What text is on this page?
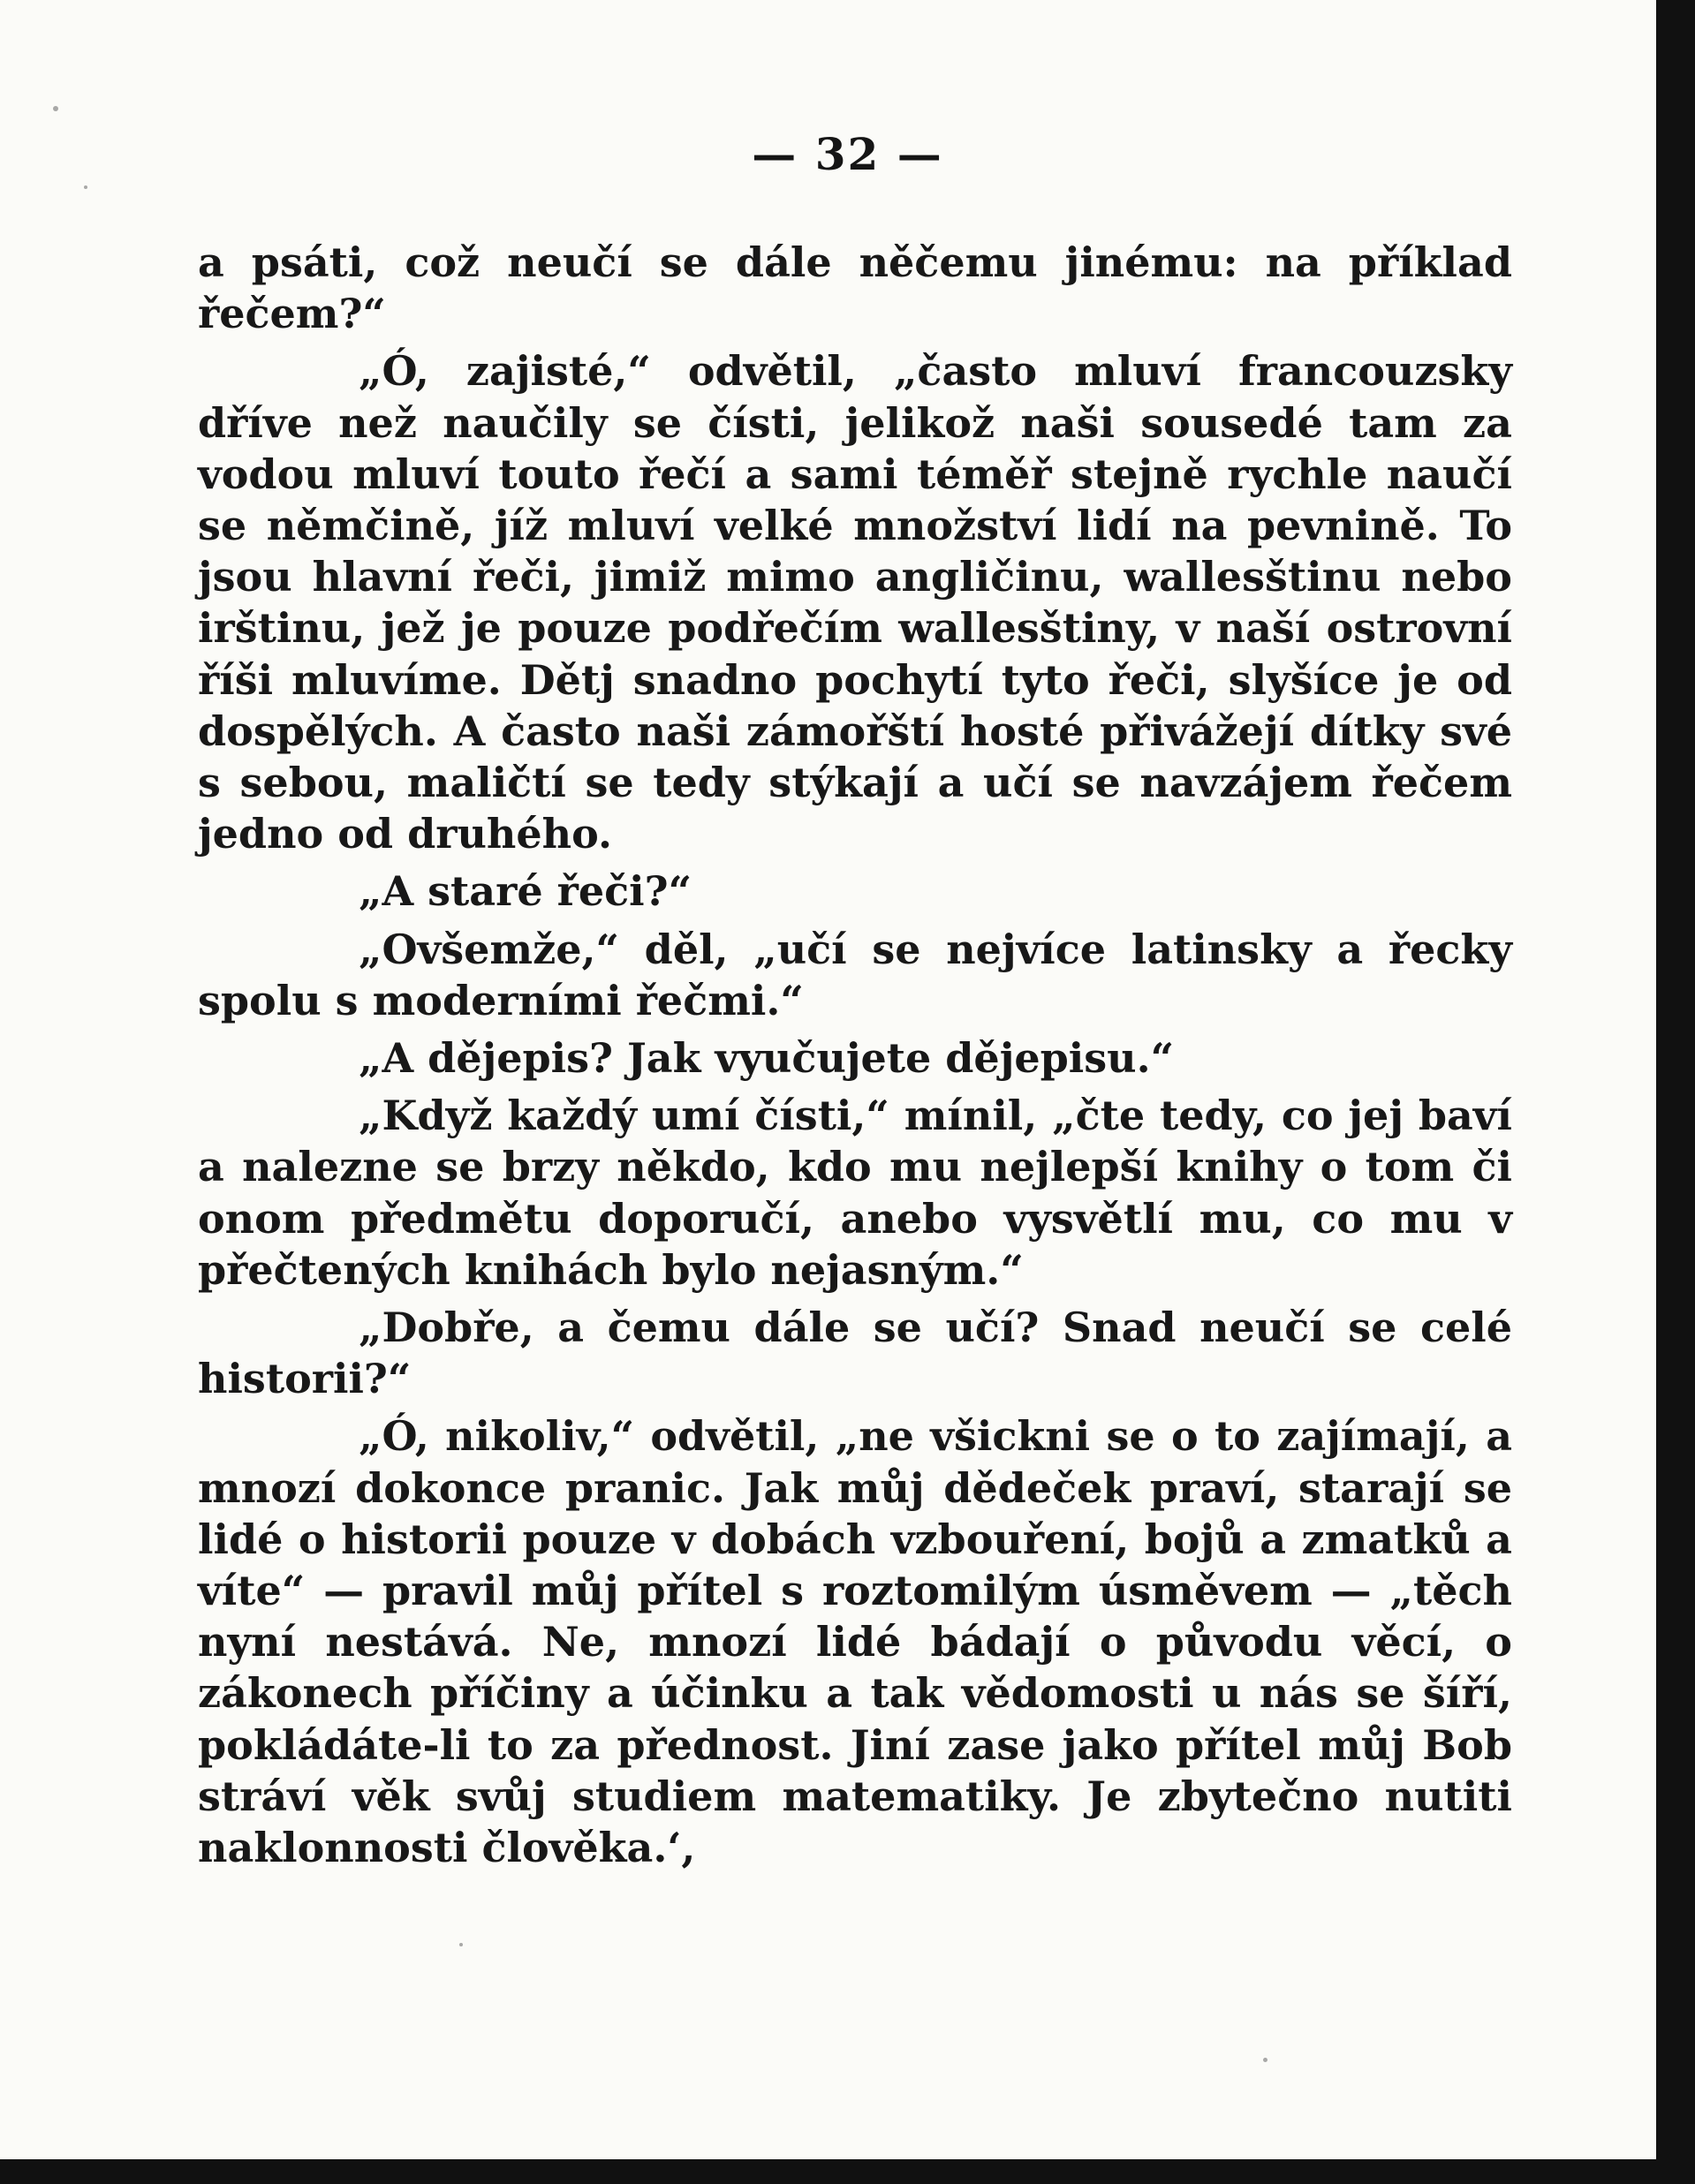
— 32 —

a psáti, což neučí se dále něčemu jinému: na příklad řečem?“

„Ó, zajisté,“ odvětil, „často mluví francouzsky dříve než naučily se čísti, jelikož naši sousedé tam za vodou mluví touto řečí a sami téměř stejně rychle naučí se němčině, jíž mluví velké množství lidí na pevnině. To jsou hlavní řeči, jimiž mimo angličinu, wallesštinu nebo irštinu, jež je pouze podřečím wallesštiny, v naší ostrovní říši mluvíme. Dětj snadno pochytí tyto řeči, slyšíce je od dospělých. A často naši zámořští hosté přivážejí dítky své s sebou, maličtí se tedy stýkají a učí se navzájem řečem jedno od druhého.

„A staré řeči?“

„Ovšemže,“ děl, „učí se nejvíce latinsky a řecky spolu s moderními řečmi.“

„A dějepis? Jak vyučujete dějepisu.“

„Když každý umí čísti,“ mínil, „čte tedy, co jej baví a nalezne se brzy někdo, kdo mu nejlepší knihy o tom či onom předmětu doporučí, anebo vysvětlí mu, co mu v přečtených knihách bylo nejasným.“

„Dobře, a čemu dále se učí? Snad neučí se celé historii?“

„Ó, nikoliv,“ odvětil, „ne všickni se o to zajímají, a mnozí dokonce pranic. Jak můj dědeček praví, starají se lidé o historii pouze v dobách vzbouření, bojů a zmatků a víte“ — pravil můj přítel s roztomilým úsměvem — „těch nyní nestává. Ne, mnozí lidé bádají o původu věcí, o zákonech příčiny a účinku a tak vědomosti u nás se šíří, pokládáte-li to za přednost. Jiní zase jako přítel můj Bob stráví věk svůj studiem matematiky. Je zbytečno nutiti naklonnosti člověka.‘,
